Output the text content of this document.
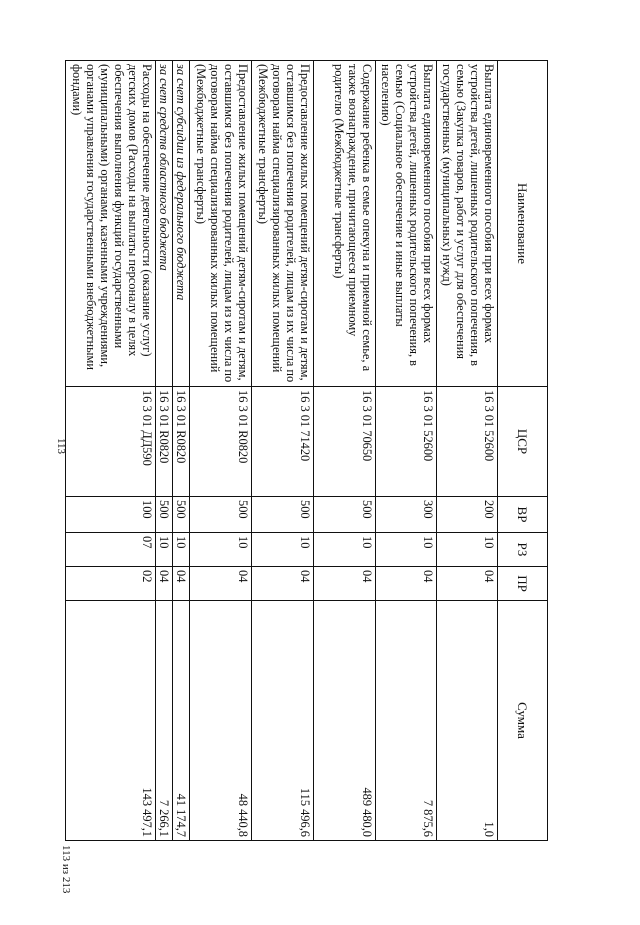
113
113 из 213
Наименование	ЦСР	ВР	РЗ	ПР	Сумма
Выплата единовременного пособия при всех формах устройства детей, лишенных родительского попечения, в семью (Закупка товаров, работ и услуг для обеспечения государственных (муниципальных) нужд)	16 3 01 52600	200	10	04	1,0
Выплата единовременного пособия при всех формах устройства детей, лишенных родительского попечения, в семью (Социальное обеспечение и иные выплаты населению)	16 3 01 52600	300	10	04	7 875,6
Содержание ребенка в семье опекуна и приемной семье, а также вознаграждение, причитающееся приемному родителю (Межбюджетные трансферты)	16 3 01 70650	500	10	04	489 480,0
Предоставление жилых помещений детям-сиротам и детям, оставшимся без попечения родителей, лицам из их числа по договорам найма специализированных жилых помещений (Межбюджетные трансферты)	16 3 01 71420	500	10	04	115 496,6
Предоставление жилых помещений детям-сиротам и детям, оставшимся без попечения родителей, лицам из их числа по договорам найма специализированных жилых помещений (Межбюджетные трансферты)	16 3 01 R0820	500	10	04	48 440,8
за счет субсидии из федерального бюджета	16 3 01 R0820	500	10	04	41 174,7
за счет средств областного бюджета	16 3 01 R0820	500	10	04	7 266,1
Расходы на обеспечение деятельности (оказание услуг) детских домов (Расходы на выплаты персоналу в целях обеспечения выполнения функций государственными (муниципальными) органами, казенными учреждениями, органами управления государственными внебюджетными фондами)	16 3 01 ДД590	100	07	02	143 497,1
